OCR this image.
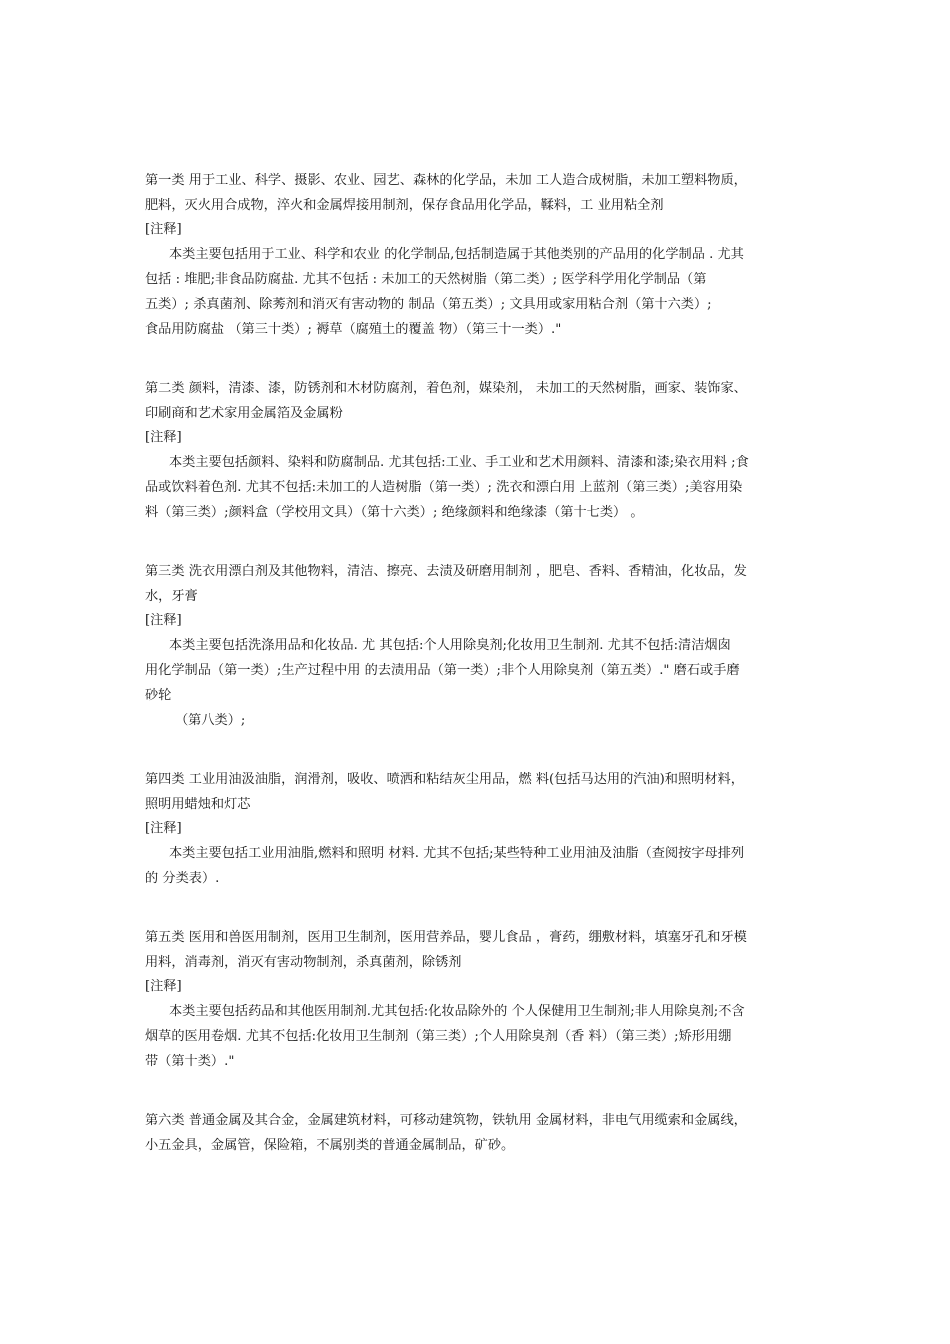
第一类 用于工业、科学、摄影、农业、园艺、森林的化学品，未加 工人造合成树脂，未加工塑料物质，

肥料，灭火用合成物，淬火和金属焊接用制剂，保存食品用化学品，鞣料，工 业用粘全剂

[注释]

本类主要包括用于工业、科学和农业 的化学制品,包括制造属于其他类别的产品用的化学制品 . 尤其

包括 : 堆肥;非食品防腐盐. 尤其不包括 : 未加工的天然树脂（第二类）; 医学科学用化学制品（第

五类）; 杀真菌剂、除莠剂和消灭有害动物的 制品（第五类）; 文具用或家用粘合剂（第十六类）;

食品用防腐盐 （第三十类）; 褥草（腐殖土的覆盖 物）（第三十一类）."

第二类 颜料，清漆、漆，防锈剂和木材防腐剂，着色剂，媒染剂， 未加工的天然树脂，画家、装饰家、

印刷商和艺术家用金属箔及金属粉

[注释]

本类主要包括颜料、染料和防腐制品. 尤其包括:工业、手工业和艺术用颜料、清漆和漆;染衣用料 ;食

品或饮料着色剂. 尤其不包括:未加工的人造树脂（第一类）; 洗衣和漂白用 上蓝剂（第三类）;美容用染

料（第三类）;颜料盒（学校用文具）（第十六类）; 绝缘颜料和绝缘漆（第十七类） 。

第三类 洗衣用漂白剂及其他物料，清洁、擦亮、去渍及研磨用制剂 ，肥皂、香料、香精油，化妆品，发

水，牙膏

[注释]

本类主要包括洗涤用品和化妆品. 尤 其包括:个人用除臭剂;化妆用卫生制剂. 尤其不包括:清洁烟囱

用化学制品（第一类）;生产过程中用 的去渍用品（第一类）;非个人用除臭剂（第五类）." 磨石或手磨

砂轮

（第八类）;

第四类 工业用油汲油脂，润滑剂，吸收、喷洒和粘结灰尘用品，燃 料(包括马达用的汽油)和照明材料，

照明用蜡烛和灯芯

[注释]

本类主要包括工业用油脂,燃料和照明 材料. 尤其不包括;某些特种工业用油及油脂（查阅按字母排列

的 分类表）.

第五类 医用和兽医用制剂，医用卫生制剂，医用营养品，婴儿食品 ，膏药，绷敷材料，填塞牙孔和牙模

用料，消毒剂，消灭有害动物制剂，杀真菌剂，除锈剂

[注释]

本类主要包括药品和其他医用制剂.尤其包括:化妆品除外的 个人保健用卫生制剂;非人用除臭剂;不含

烟草的医用卷烟. 尤其不包括:化妆用卫生制剂（第三类）;个人用除臭剂（香 料）（第三类）;矫形用绷

带（第十类）."

第六类 普通金属及其合金，金属建筑材料，可移动建筑物，铁轨用 金属材料，非电气用缆索和金属线，

小五金具，金属管，保险箱，不属别类的普通金属制品，矿砂。
